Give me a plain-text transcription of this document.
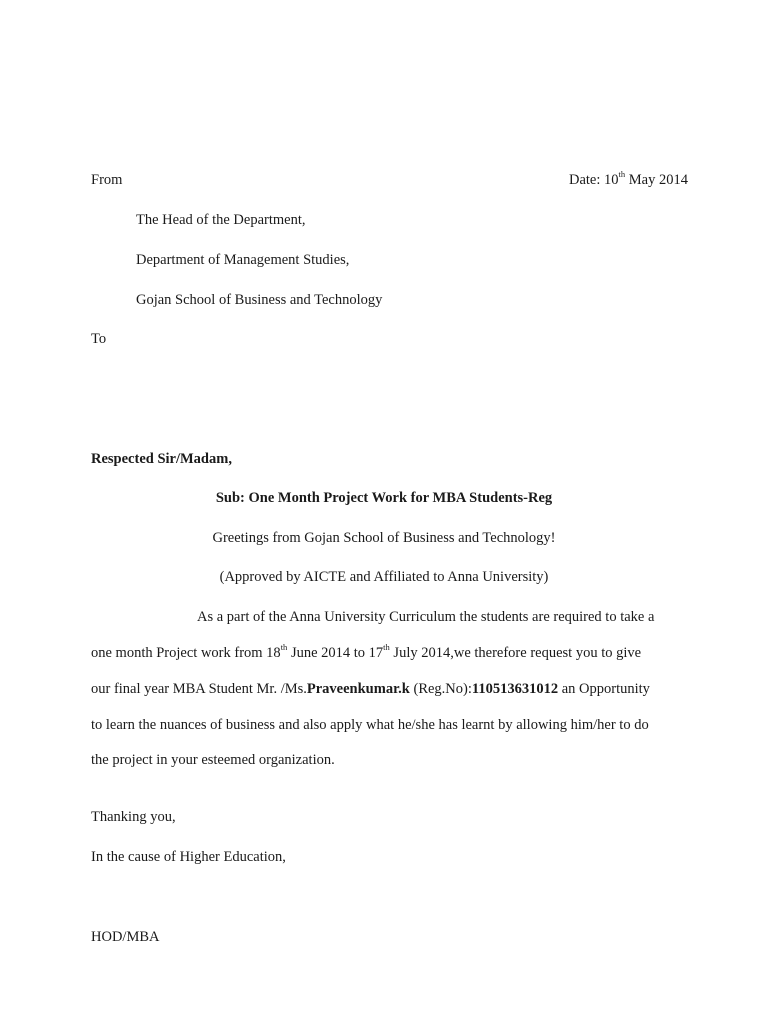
From	Date: 10th May 2014
The Head of the Department,
Department of Management Studies,
Gojan School of Business and Technology
To
Respected Sir/Madam,
Sub: One Month Project Work for MBA Students-Reg
Greetings from Gojan School of Business and Technology!
(Approved by AICTE and Affiliated to Anna University)
As a part of the Anna University Curriculum the students are required to take a
one month Project work from 18th June 2014 to 17th July 2014,we therefore request you to give
our final year MBA Student Mr. /Ms.Praveenkumar.k (Reg.No):110513631012 an Opportunity
to learn the nuances of business and also apply what he/she has learnt by allowing him/her to do
the project in your esteemed organization.
Thanking you,
In the cause of Higher Education,
HOD/MBA
